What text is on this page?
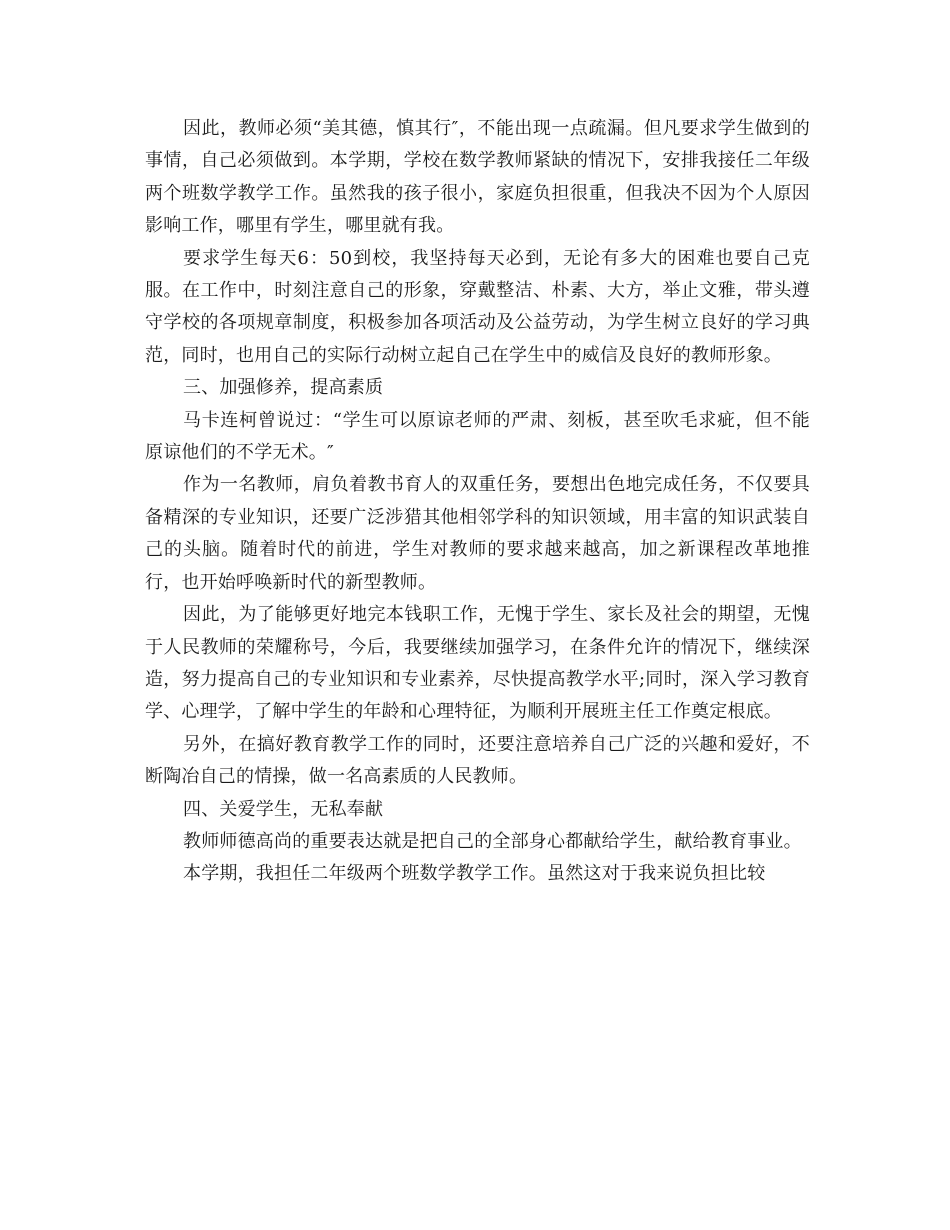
因此，教师必须“美其德，慎其行″，不能出现一点疏漏。但凡要求学生做到的事情，自己必须做到。本学期，学校在数学教师紧缺的情况下，安排我接任二年级两个班数学教学工作。虽然我的孩子很小，家庭负担很重，但我决不因为个人原因影响工作，哪里有学生，哪里就有我。

要求学生每天6：50到校，我坚持每天必到，无论有多大的困难也要自己克服。在工作中，时刻注意自己的形象，穿戴整洁、朴素、大方，举止文雅，带头遵守学校的各项规章制度，积极参加各项活动及公益劳动，为学生树立良好的学习典范，同时，也用自己的实际行动树立起自己在学生中的威信及良好的教师形象。

三、加强修养，提高素质

马卡连柯曾说过：“学生可以原谅老师的严肃、刻板，甚至吹毛求疵，但不能原谅他们的不学无术。″

作为一名教师，肩负着教书育人的双重任务，要想出色地完成任务，不仅要具备精深的专业知识，还要广泛涉猎其他相邻学科的知识领域，用丰富的知识武装自己的头脑。随着时代的前进，学生对教师的要求越来越高，加之新课程改革地推行，也开始呼唤新时代的新型教师。

因此，为了能够更好地完本钱职工作，无愧于学生、家长及社会的期望，无愧于人民教师的荣耀称号，今后，我要继续加强学习，在条件允许的情况下，继续深造，努力提高自己的专业知识和专业素养，尽快提高教学水平;同时，深入学习教育学、心理学，了解中学生的年龄和心理特征，为顺利开展班主任工作奠定根底。

另外，在搞好教育教学工作的同时，还要注意培养自己广泛的兴趣和爱好，不断陶冶自己的情操，做一名高素质的人民教师。

四、关爱学生，无私奉献

教师师德高尚的重要表达就是把自己的全部身心都献给学生，献给教育事业。

本学期，我担任二年级两个班数学教学工作。虽然这对于我来说负担比较
